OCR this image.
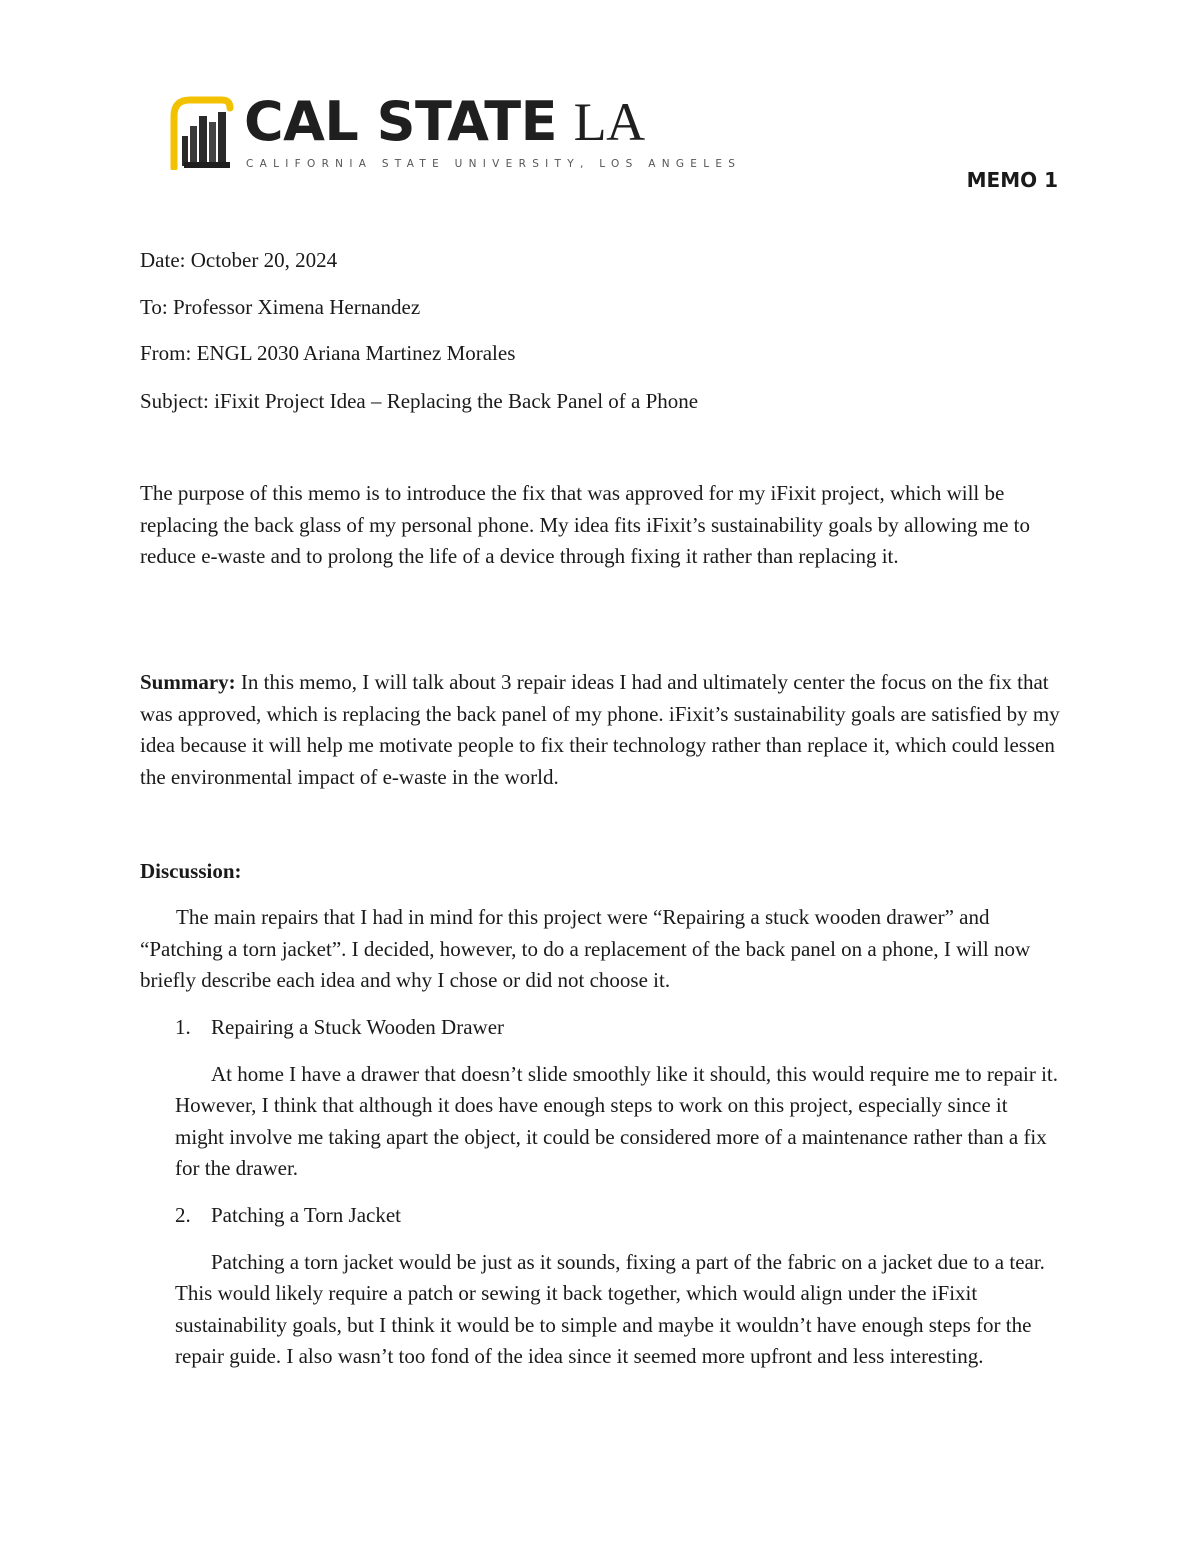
CAL STATE LA
CALIFORNIA STATE UNIVERSITY, LOS ANGELES
MEMO 1
Date: October 20, 2024
To: Professor Ximena Hernandez
From: ENGL 2030 Ariana Martinez Morales
Subject: iFixit Project Idea – Replacing the Back Panel of a Phone

The purpose of this memo is to introduce the fix that was approved for my iFixit project, which will be replacing the back glass of my personal phone. My idea fits iFixit’s sustainability goals by allowing me to reduce e-waste and to prolong the life of a device through fixing it rather than replacing it.

Summary: In this memo, I will talk about 3 repair ideas I had and ultimately center the focus on the fix that was approved, which is replacing the back panel of my phone. iFixit’s sustainability goals are satisfied by my idea because it will help me motivate people to fix their technology rather than replace it, which could lessen the environmental impact of e-waste in the world.

Discussion:

The main repairs that I had in mind for this project were “Repairing a stuck wooden drawer” and “Patching a torn jacket”. I decided, however, to do a replacement of the back panel on a phone, I will now briefly describe each idea and why I chose or did not choose it.

1. Repairing a Stuck Wooden Drawer

At home I have a drawer that doesn’t slide smoothly like it should, this would require me to repair it. However, I think that although it does have enough steps to work on this project, especially since it might involve me taking apart the object, it could be considered more of a maintenance rather than a fix for the drawer.

2. Patching a Torn Jacket

Patching a torn jacket would be just as it sounds, fixing a part of the fabric on a jacket due to a tear. This would likely require a patch or sewing it back together, which would align under the iFixit sustainability goals, but I think it would be to simple and maybe it wouldn’t have enough steps for the repair guide. I also wasn’t too fond of the idea since it seemed more upfront and less interesting.
